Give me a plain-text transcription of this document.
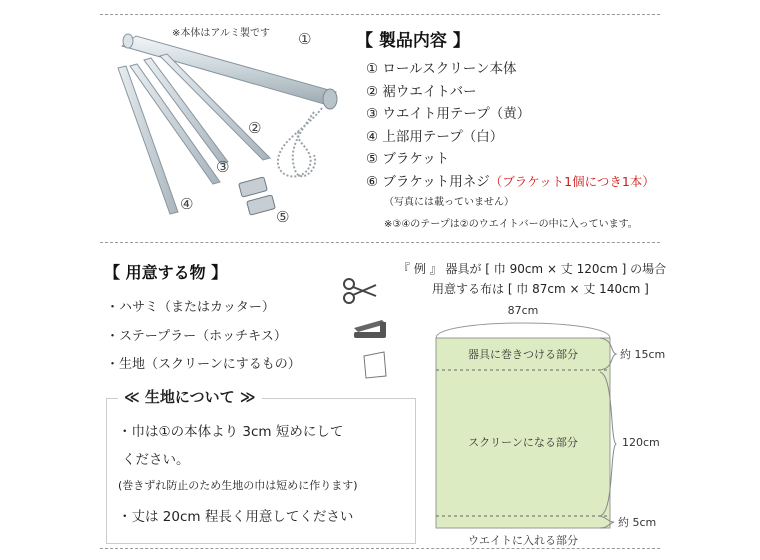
①
②
③
④
⑤
※本体はアルミ製です	【 製品内容 】
① ロールスクリーン本体
② 裾ウエイトバー
③ ウエイト用テープ（黄）
④ 上部用テープ（白）
⑤ ブラケット
⑥ ブラケット用ネジ（ブラケット1個につき1本）
（写真には載っていません）
※③④のテープは②のウエイトバーの中に入っています。
【 用意する物 】
・ハサミ（またはカッター）
・ステープラー（ホッチキス）
・生地（スクリーンにするもの）
≪ 生地について ≫
・巾は①の本体より 3cm 短めにして
ください。
(巻きずれ防止のため生地の巾は短めに作ります)
・丈は 20cm 程長く用意してください
『 例 』 器具が [ 巾 90cm × 丈 120cm ] の場合
用意する布は [ 巾 87cm × 丈 140cm ]
87cm
器具に巻きつける部分
スクリーンになる部分
ウエイトに入れる部分
約 15cm
120cm
約 5cm
